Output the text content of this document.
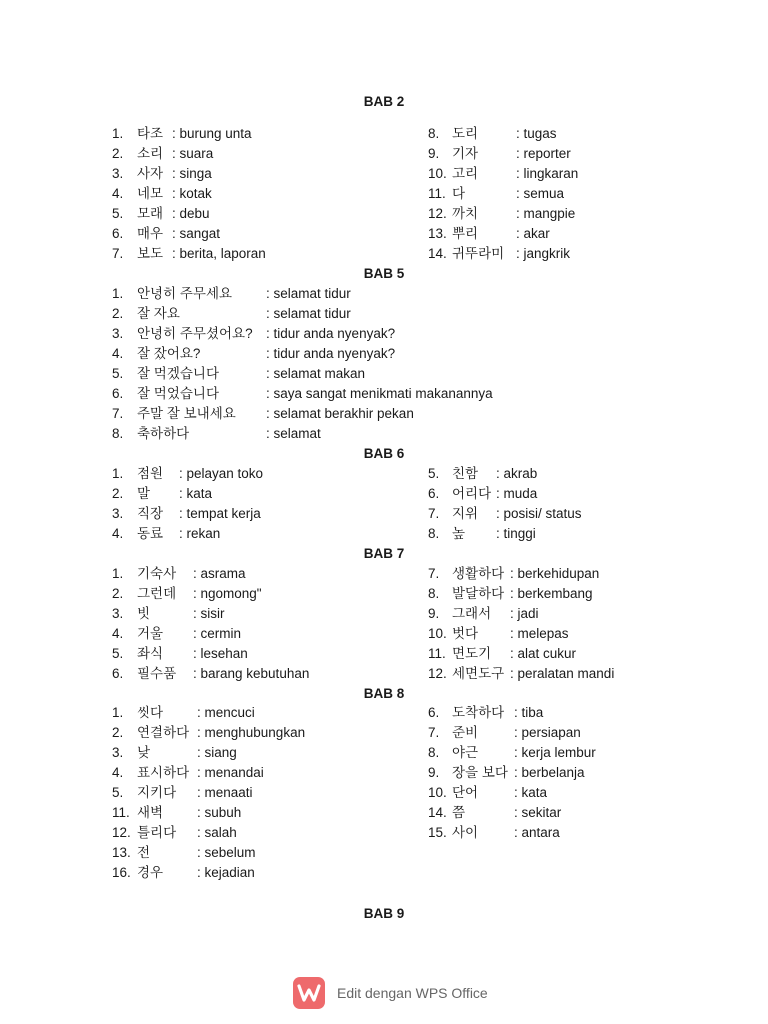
BAB 2
BAB 5
BAB 6
BAB 7
BAB 8
BAB 9
1. 타조 : burung unta
2. 소리 : suara
3. 사자 : singa
4. 네모 : kotak
5. 모래 : debu
6. 매우 : sangat
7. 보도 : berita, laporan
8. 도리	: tugas
9. 기자	: reporter
10. 고리	: lingkaran
11. 다	: semua
12. 까치	: mangpie
13. 뿌리	: akar
14. 귀뚜라미 : jangkrik
1. 안녕히 주무세요	: selamat tidur
2. 잘 자요	: selamat tidur
3. 안녕히 주무셨어요? : tidur anda nyenyak?
4. 잘 잤어요?	: tidur anda nyenyak?
5. 잘 먹겠습니다	: selamat makan
6. 잘 먹었습니다	: saya sangat menikmati makanannya
7. 주말 잘 보내세요 : selamat berakhir pekan
8. 축하하다	: selamat
1. 점원 : pelayan toko
2. 말 : kata
3. 직장 : tempat kerja
4. 동료 : rekan
5. 친함 : akrab
6. 어리다 : muda
7. 지위 : posisi/ status
8. 높 : tinggi
1. 기숙사 : asrama
2. 그런데 : ngomong"
3. 빗	: sisir
4. 거울 : cermin
5. 좌식 : lesehan
6. 필수품 : barang kebutuhan
7. 생활하다 : berkehidupan
8. 발달하다 : berkembang
9. 그래서 : jadi
10. 벗다 : melepas
11. 면도기 : alat cukur
12. 세면도구 : peralatan mandi
1. 씻다	: mencuci
2. 연결하다 : menghubungkan
3. 낮	: siang
4. 표시하다 : menandai
5. 지키다 : menaati
11. 새벽	: subuh
12. 틀리다 : salah
13. 전	: sebelum
16. 경우	: kejadian
6. 도착하다 : tiba
7. 준비	: persiapan
8. 야근	: kerja lembur
9. 장을 보다 : berbelanja
10. 단어	: kata
14. 쯤	: sekitar
15. 사이	: antara
Edit dengan WPS Office
